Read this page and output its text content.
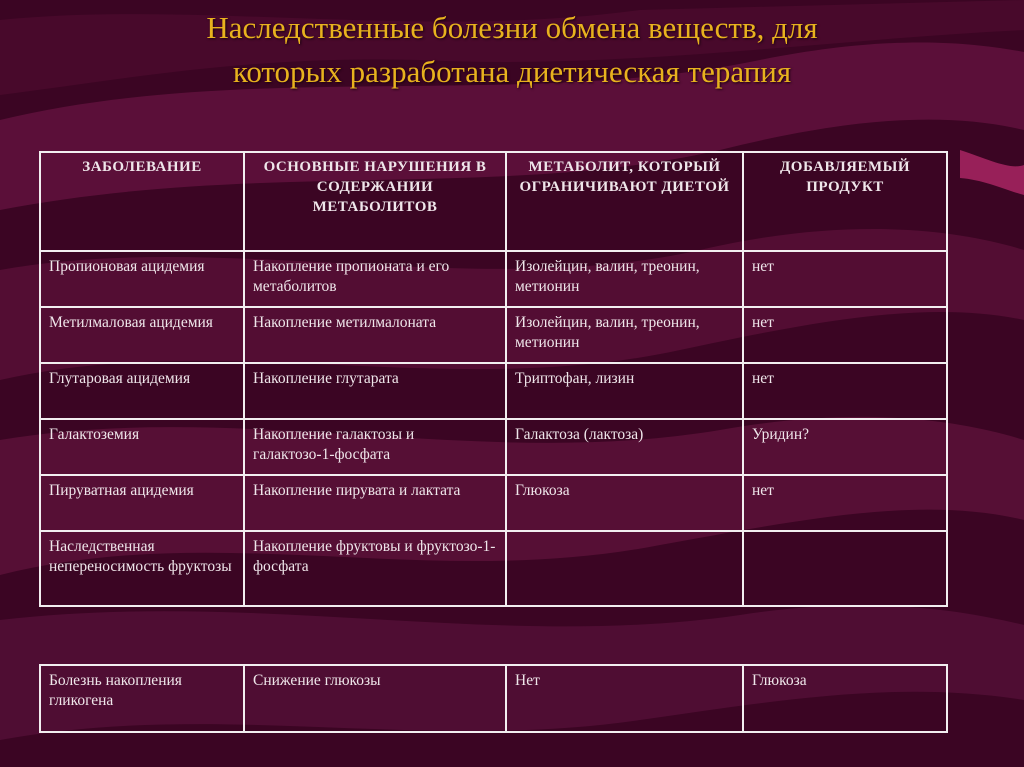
Наследственные болезни обмена веществ, для
которых разработана диетическая терапия
ЗАБОЛЕВАНИЕ	ОСНОВНЫЕ НАРУШЕНИЯ В СОДЕРЖАНИИ МЕТАБОЛИТОВ	МЕТАБОЛИТ, КОТОРЫЙ ОГРАНИЧИВАЮТ ДИЕТОЙ	ДОБАВЛЯЕМЫЙ ПРОДУКТ
Пропионовая ацидемия	Накопление пропионата и его метаболитов	Изолейцин, валин, треонин, метионин	нет
Метилмаловая ацидемия	Накопление метилмалоната	Изолейцин, валин, треонин, метионин	нет
Глутаровая ацидемия	Накопление глутарата	Триптофан, лизин	нет
Галактоземия	Накопление галактозы и галактозо-1-фосфата	Галактоза (лактоза)	Уридин?
Пируватная ацидемия	Накопление пирувата и лактата	Глюкоза	нет
Наследственная непереносимость фруктозы	Накопление фруктовы и фруктозо-1-фосфата		
Болезнь накопления гликогена	Снижение глюкозы	Нет	Глюкоза
